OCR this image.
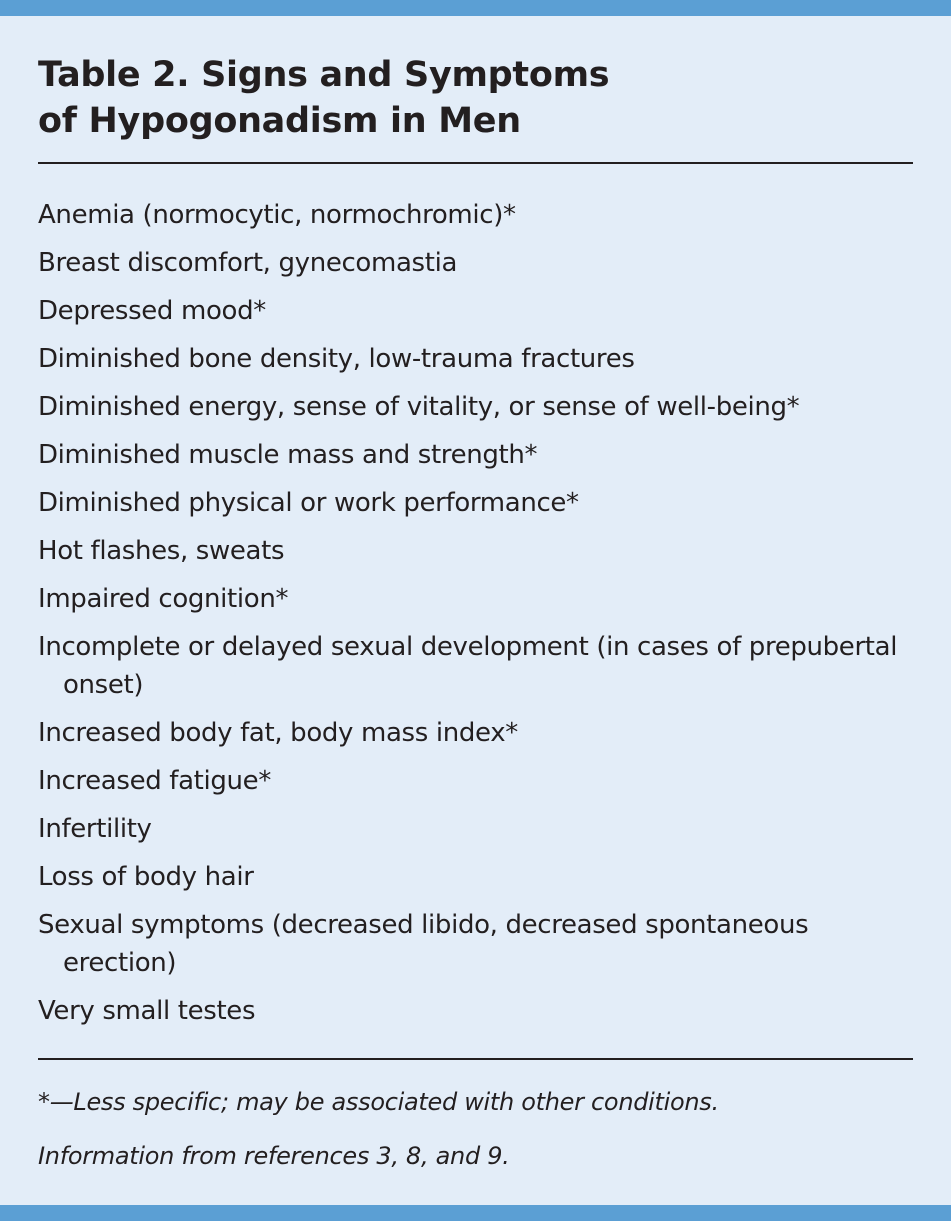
Table 2. Signs and Symptoms
of Hypogonadism in Men
Anemia (normocytic, normochromic)*
Breast discomfort, gynecomastia
Depressed mood*
Diminished bone density, low-trauma fractures
Diminished energy, sense of vitality, or sense of well-being*
Diminished muscle mass and strength*
Diminished physical or work performance*
Hot flashes, sweats
Impaired cognition*
Incomplete or delayed sexual development (in cases of prepubertal onset)
Increased body fat, body mass index*
Increased fatigue*
Infertility
Loss of body hair
Sexual symptoms (decreased libido, decreased spontaneous erection)
Very small testes

*—Less specific; may be associated with other conditions.

Information from references 3, 8, and 9.
